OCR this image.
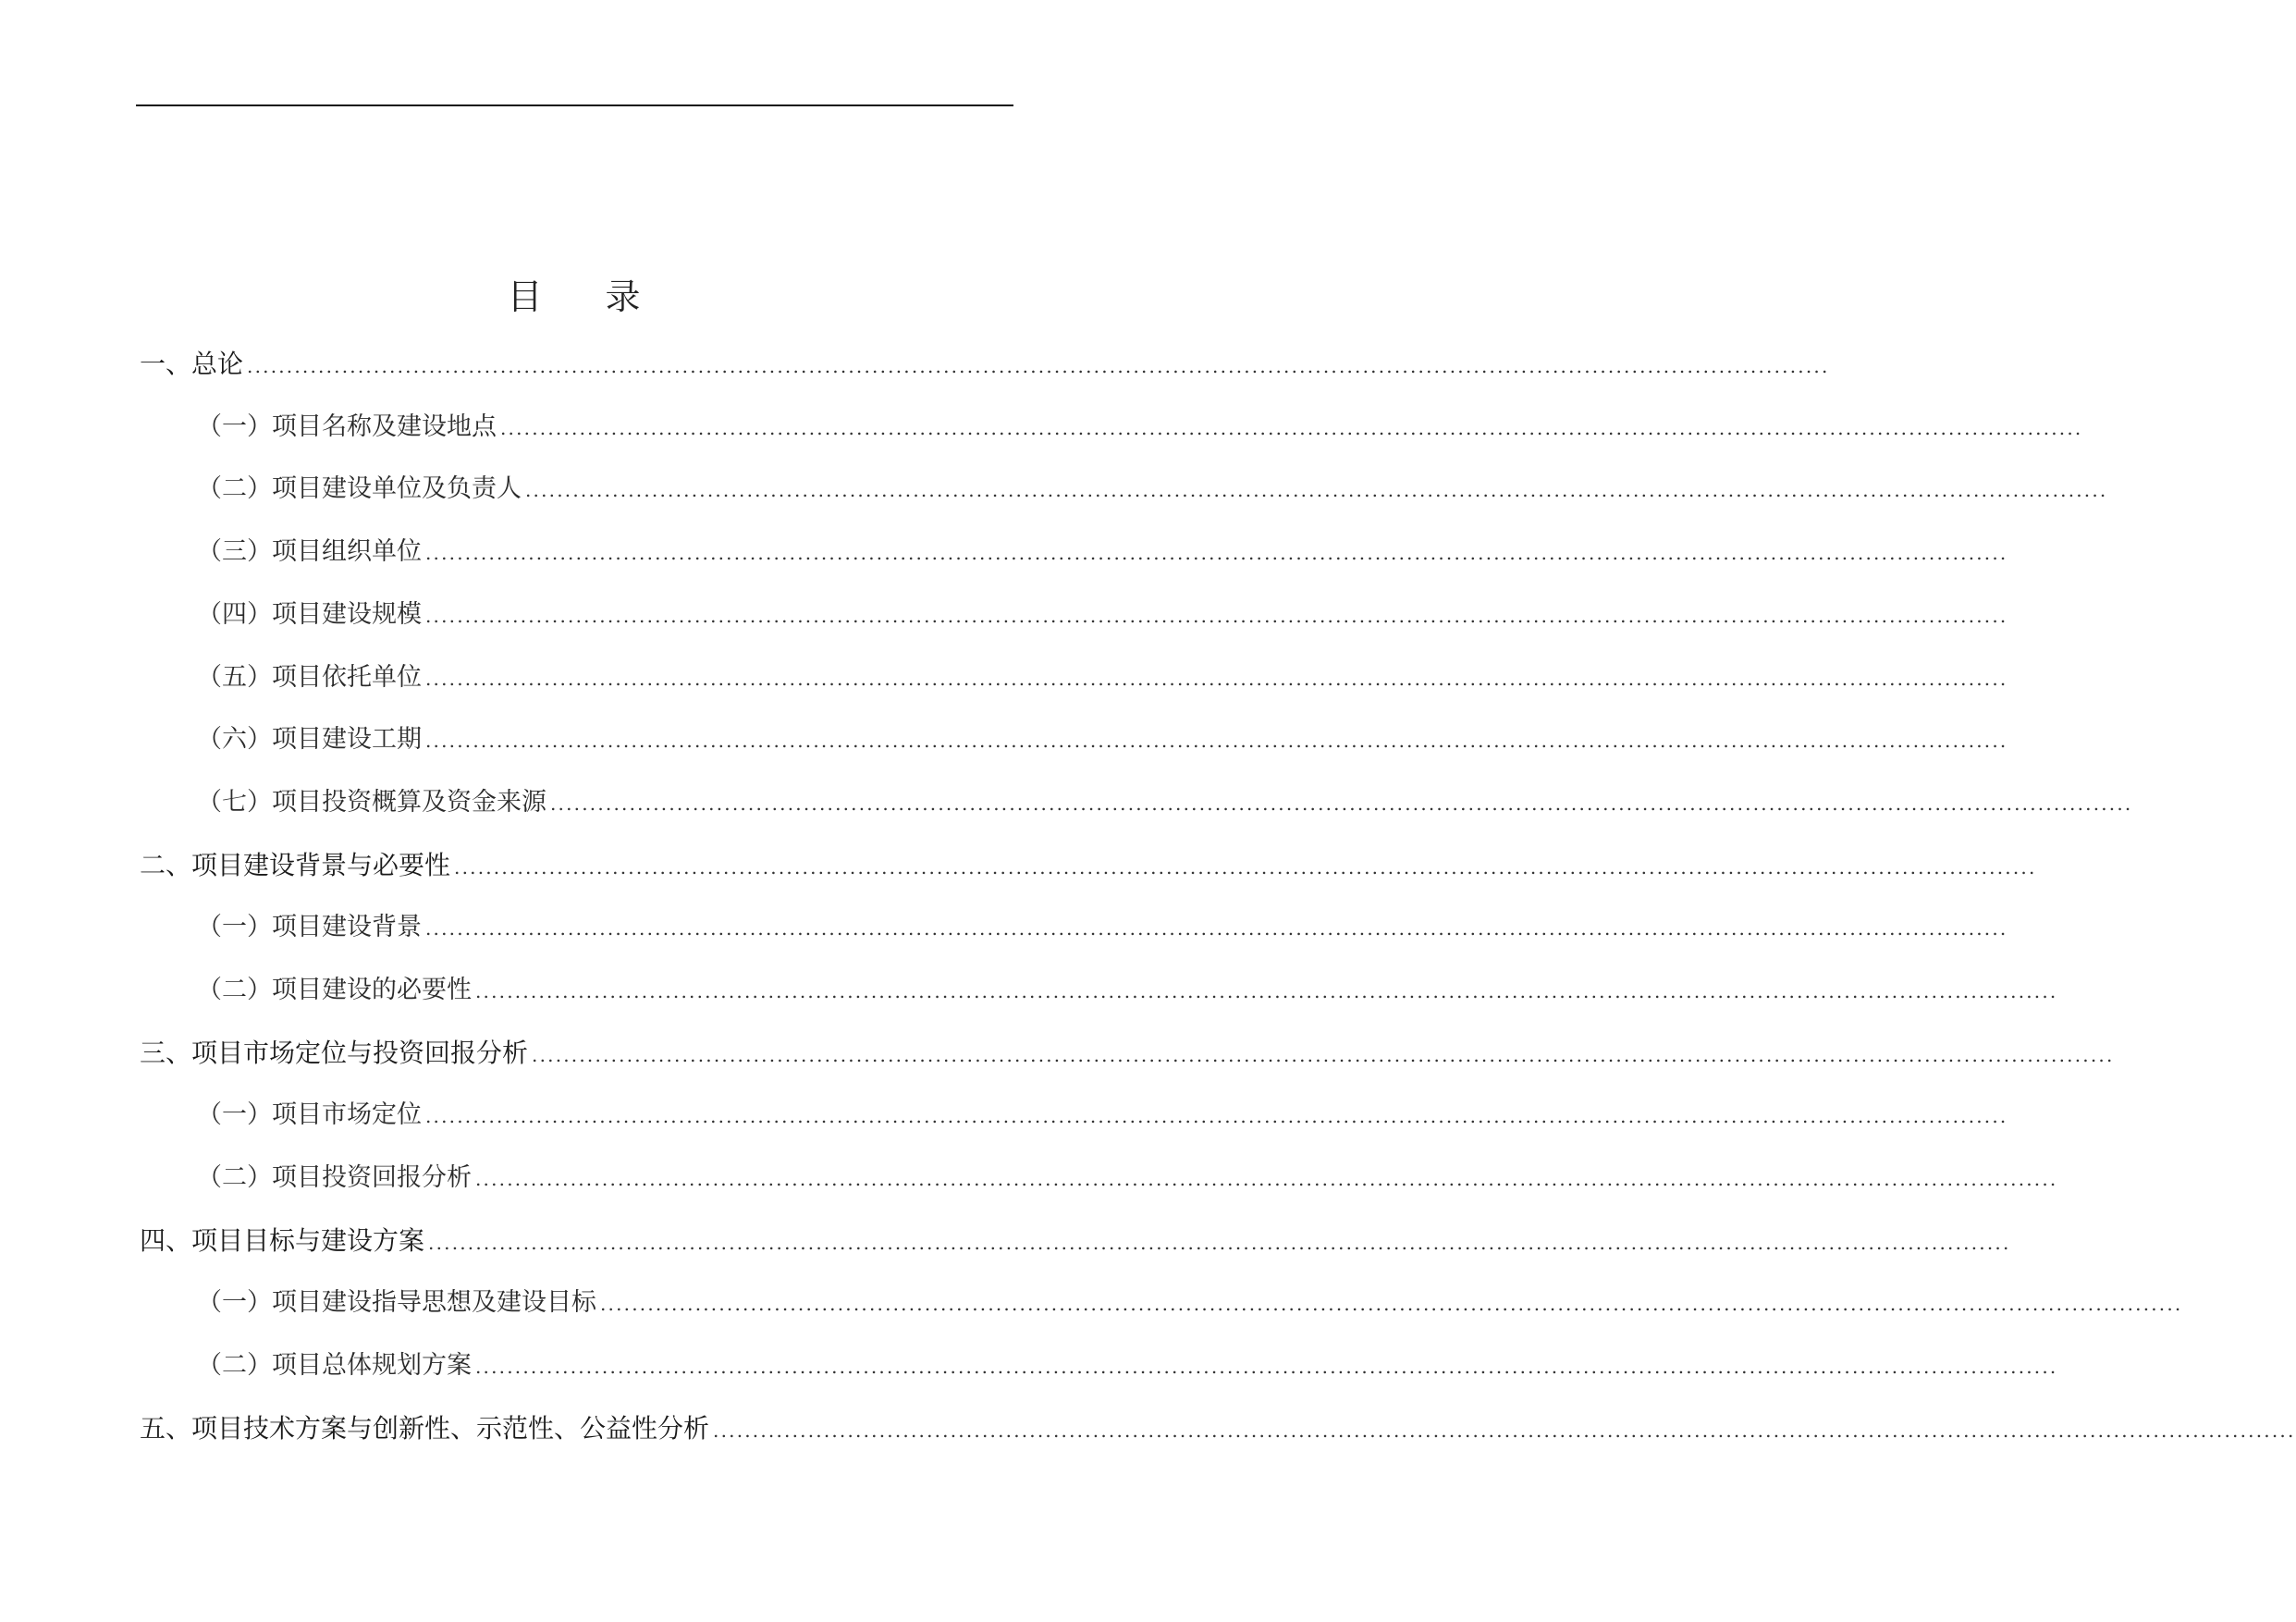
目 录
一、总论 ........................................................................................................................................................................................................
（一）项目名称及建设地点 ........................................................................................................................................................................................................
（二）项目建设单位及负责人 ........................................................................................................................................................................................................
（三）项目组织单位 ........................................................................................................................................................................................................
（四）项目建设规模 ........................................................................................................................................................................................................
（五）项目依托单位 ........................................................................................................................................................................................................
（六）项目建设工期 ........................................................................................................................................................................................................
（七）项目投资概算及资金来源 ........................................................................................................................................................................................................
二、项目建设背景与必要性 ........................................................................................................................................................................................................
（一）项目建设背景 ........................................................................................................................................................................................................
（二）项目建设的必要性 ........................................................................................................................................................................................................
三、项目市场定位与投资回报分析 ........................................................................................................................................................................................................
（一）项目市场定位 ........................................................................................................................................................................................................
（二）项目投资回报分析 ........................................................................................................................................................................................................
四、项目目标与建设方案 ........................................................................................................................................................................................................
（一）项目建设指导思想及建设目标 ........................................................................................................................................................................................................
（二）项目总体规划方案 ........................................................................................................................................................................................................
五、项目技术方案与创新性、示范性、公益性分析 ........................................................................................................................................................................................................
